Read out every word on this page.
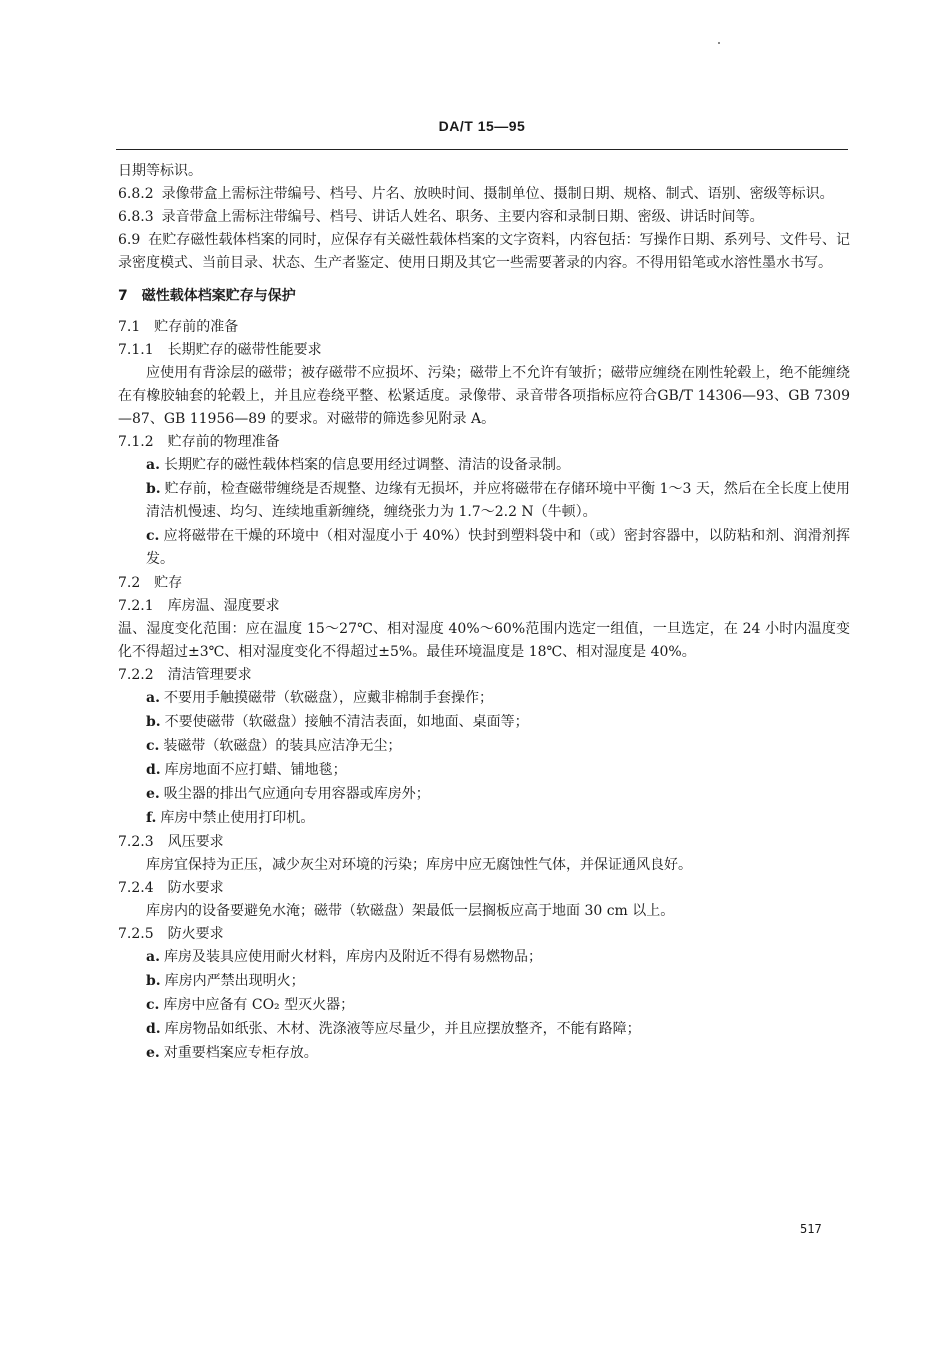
DA/T 15—95

日期等标识。

6.8.2 录像带盒上需标注带编号、档号、片名、放映时间、摄制单位、摄制日期、规格、制式、语别、密级等标识。

6.8.3 录音带盒上需标注带编号、档号、讲话人姓名、职务、主要内容和录制日期、密级、讲话时间等。

6.9 在贮存磁性载体档案的同时，应保存有关磁性载体档案的文字资料，内容包括：写操作日期、系列号、文件号、记录密度模式、当前目录、状态、生产者鉴定、使用日期及其它一些需要著录的内容。不得用铅笔或水溶性墨水书写。

7　磁性载体档案贮存与保护

7.1　贮存前的准备

7.1.1　长期贮存的磁带性能要求

应使用有背涂层的磁带；被存磁带不应损坏、污染；磁带上不允许有皱折；磁带应缠绕在刚性轮毂上，绝不能缠绕在有橡胶轴套的轮毂上，并且应卷绕平整、松紧适度。录像带、录音带各项指标应符合GB/T 14306—93、GB 7309—87、GB 11956—89 的要求。对磁带的筛选参见附录 A。

7.1.2　贮存前的物理准备

a. 长期贮存的磁性载体档案的信息要用经过调整、清洁的设备录制。

b. 贮存前，检查磁带缠绕是否规整、边缘有无损坏，并应将磁带在存储环境中平衡 1～3 天，然后在全长度上使用清洁机慢速、均匀、连续地重新缠绕，缠绕张力为 1.7～2.2 N（牛顿）。

c. 应将磁带在干燥的环境中（相对湿度小于 40%）快封到塑料袋中和（或）密封容器中，以防粘和剂、润滑剂挥发。

7.2　贮存

7.2.1　库房温、湿度要求

温、湿度变化范围：应在温度 15～27℃、相对湿度 40%～60%范围内选定一组值，一旦选定，在 24 小时内温度变化不得超过±3℃、相对湿度变化不得超过±5%。最佳环境温度是 18℃、相对湿度是 40%。

7.2.2　清洁管理要求

a. 不要用手触摸磁带（软磁盘），应戴非棉制手套操作；

b. 不要使磁带（软磁盘）接触不清洁表面，如地面、桌面等；

c. 装磁带（软磁盘）的装具应洁净无尘；

d. 库房地面不应打蜡、铺地毯；

e. 吸尘器的排出气应通向专用容器或库房外；

f. 库房中禁止使用打印机。

7.2.3　风压要求

库房宜保持为正压，减少灰尘对环境的污染；库房中应无腐蚀性气体，并保证通风良好。

7.2.4　防水要求

库房内的设备要避免水淹；磁带（软磁盘）架最低一层搁板应高于地面 30 cm 以上。

7.2.5　防火要求

a. 库房及装具应使用耐火材料，库房内及附近不得有易燃物品；

b. 库房内严禁出现明火；

c. 库房中应备有 CO₂ 型灭火器；

d. 库房物品如纸张、木材、洗涤液等应尽量少，并且应摆放整齐，不能有路障；

e. 对重要档案应专柜存放。

517
